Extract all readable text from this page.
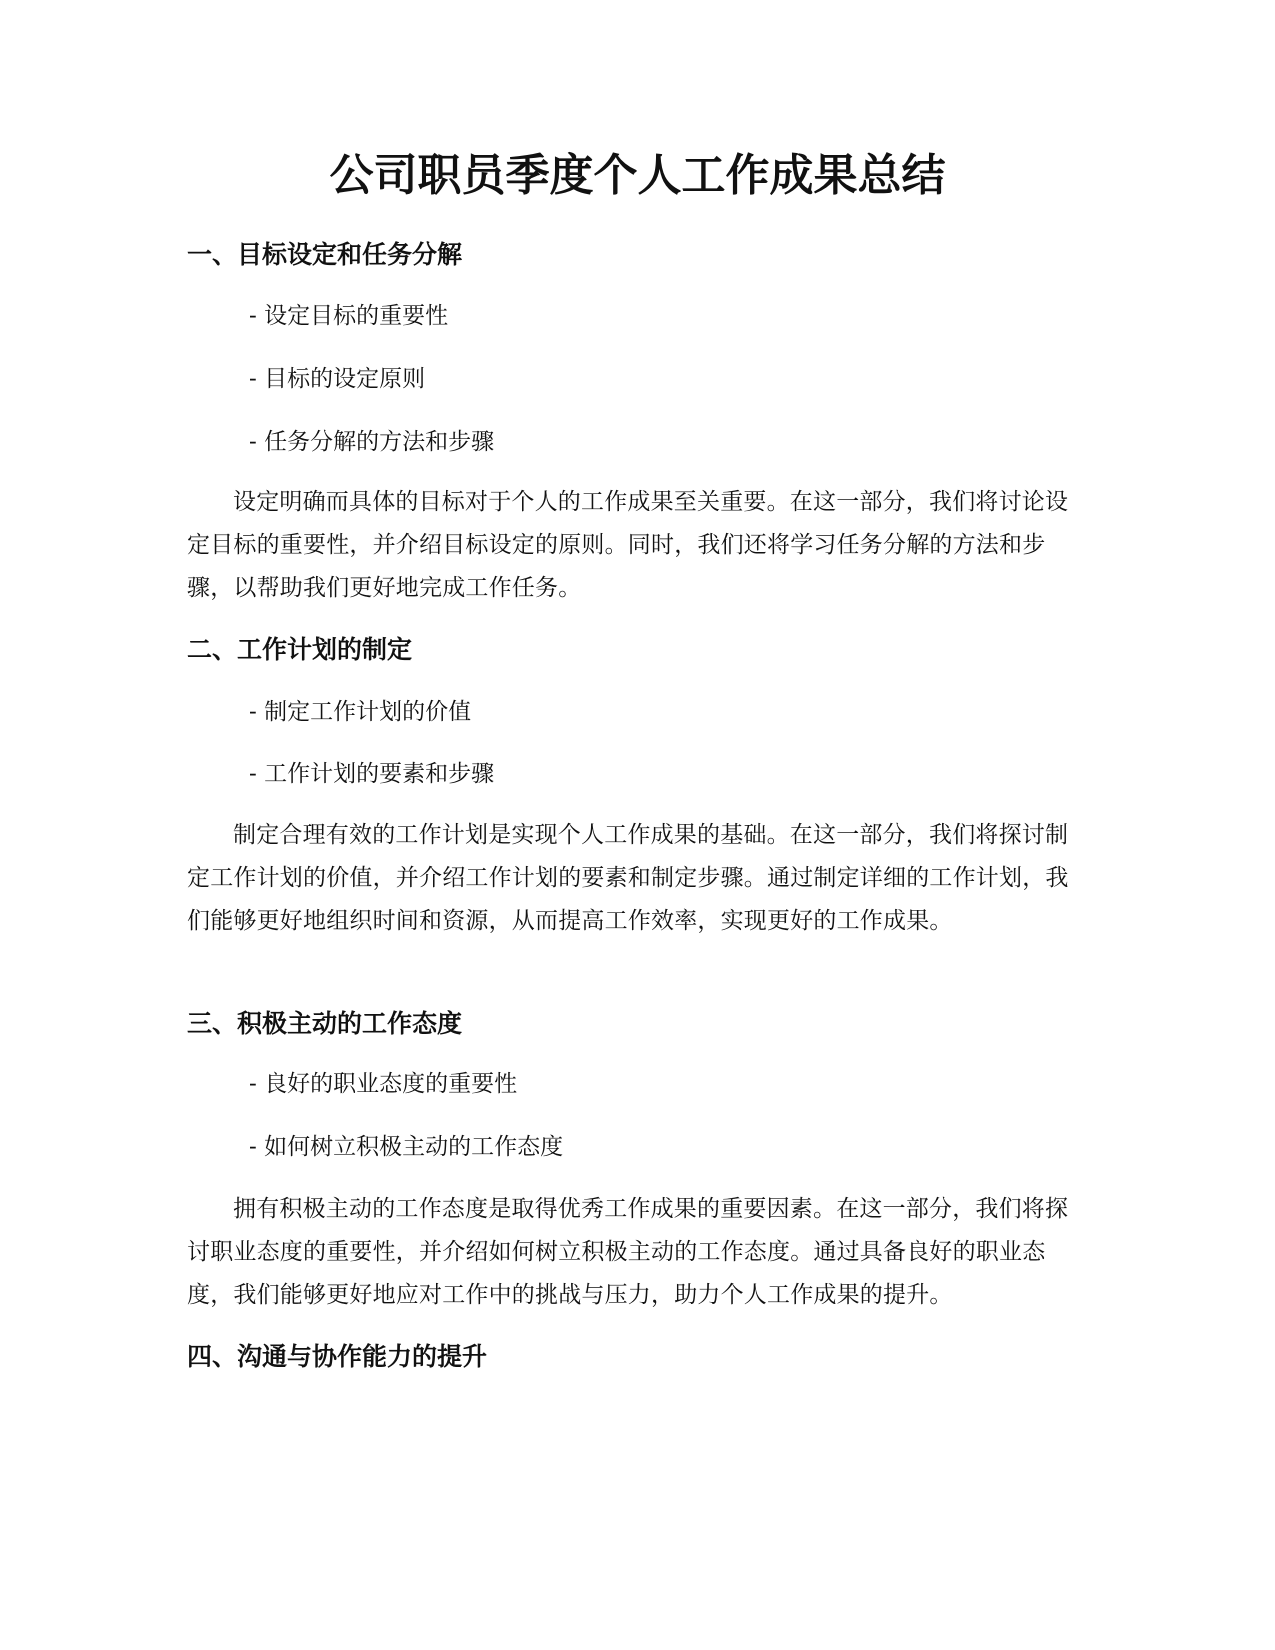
公司职员季度个人工作成果总结
一、目标设定和任务分解

- 设定目标的重要性

- 目标的设定原则

- 任务分解的方法和步骤

设定明确而具体的目标对于个人的工作成果至关重要。在这一部分，我们将讨论设定目标的重要性，并介绍目标设定的原则。同时，我们还将学习任务分解的方法和步骤，以帮助我们更好地完成工作任务。

二、工作计划的制定

- 制定工作计划的价值

- 工作计划的要素和步骤

制定合理有效的工作计划是实现个人工作成果的基础。在这一部分，我们将探讨制定工作计划的价值，并介绍工作计划的要素和制定步骤。通过制定详细的工作计划，我们能够更好地组织时间和资源，从而提高工作效率，实现更好的工作成果。

三、积极主动的工作态度

- 良好的职业态度的重要性

- 如何树立积极主动的工作态度

拥有积极主动的工作态度是取得优秀工作成果的重要因素。在这一部分，我们将探讨职业态度的重要性，并介绍如何树立积极主动的工作态度。通过具备良好的职业态度，我们能够更好地应对工作中的挑战与压力，助力个人工作成果的提升。

四、沟通与协作能力的提升
